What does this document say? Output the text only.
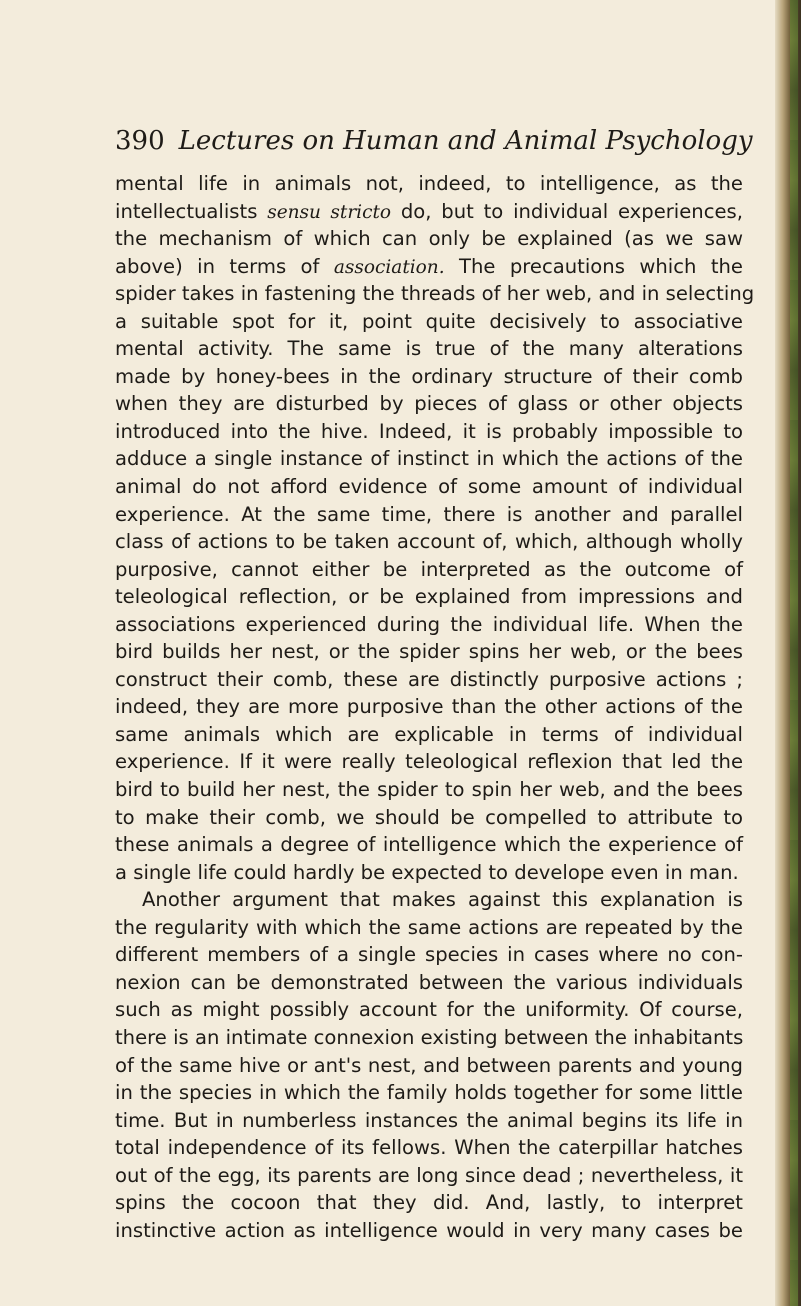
390 Lectures on Human and Animal Psychology
mental life in animals not, indeed, to intelligence, as the
intellectualists sensu stricto do, but to individual experiences,
the mechanism of which can only be explained (as we saw
above) in terms of association. The precautions which the
spider takes in fastening the threads of her web, and in selecting
a suitable spot for it, point quite decisively to associative
mental activity. The same is true of the many alterations
made by honey-bees in the ordinary structure of their comb
when they are disturbed by pieces of glass or other objects
introduced into the hive. Indeed, it is probably impossible to
adduce a single instance of instinct in which the actions of the
animal do not afford evidence of some amount of individual
experience. At the same time, there is another and parallel
class of actions to be taken account of, which, although wholly
purposive, cannot either be interpreted as the outcome of
teleological reflection, or be explained from impressions and
associations experienced during the individual life. When the
bird builds her nest, or the spider spins her web, or the bees
construct their comb, these are distinctly purposive actions ;
indeed, they are more purposive than the other actions of the
same animals which are explicable in terms of individual
experience. If it were really teleological reflexion that led the
bird to build her nest, the spider to spin her web, and the bees
to make their comb, we should be compelled to attribute to
these animals a degree of intelligence which the experience of
a single life could hardly be expected to develope even in man.
Another argument that makes against this explanation is
the regularity with which the same actions are repeated by the
different members of a single species in cases where no con-
nexion can be demonstrated between the various individuals
such as might possibly account for the uniformity. Of course,
there is an intimate connexion existing between the inhabitants
of the same hive or ant's nest, and between parents and young
in the species in which the family holds together for some little
time. But in numberless instances the animal begins its life in
total independence of its fellows. When the caterpillar hatches
out of the egg, its parents are long since dead ; nevertheless, it
spins the cocoon that they did. And, lastly, to interpret
instinctive action as intelligence would in very many cases be
